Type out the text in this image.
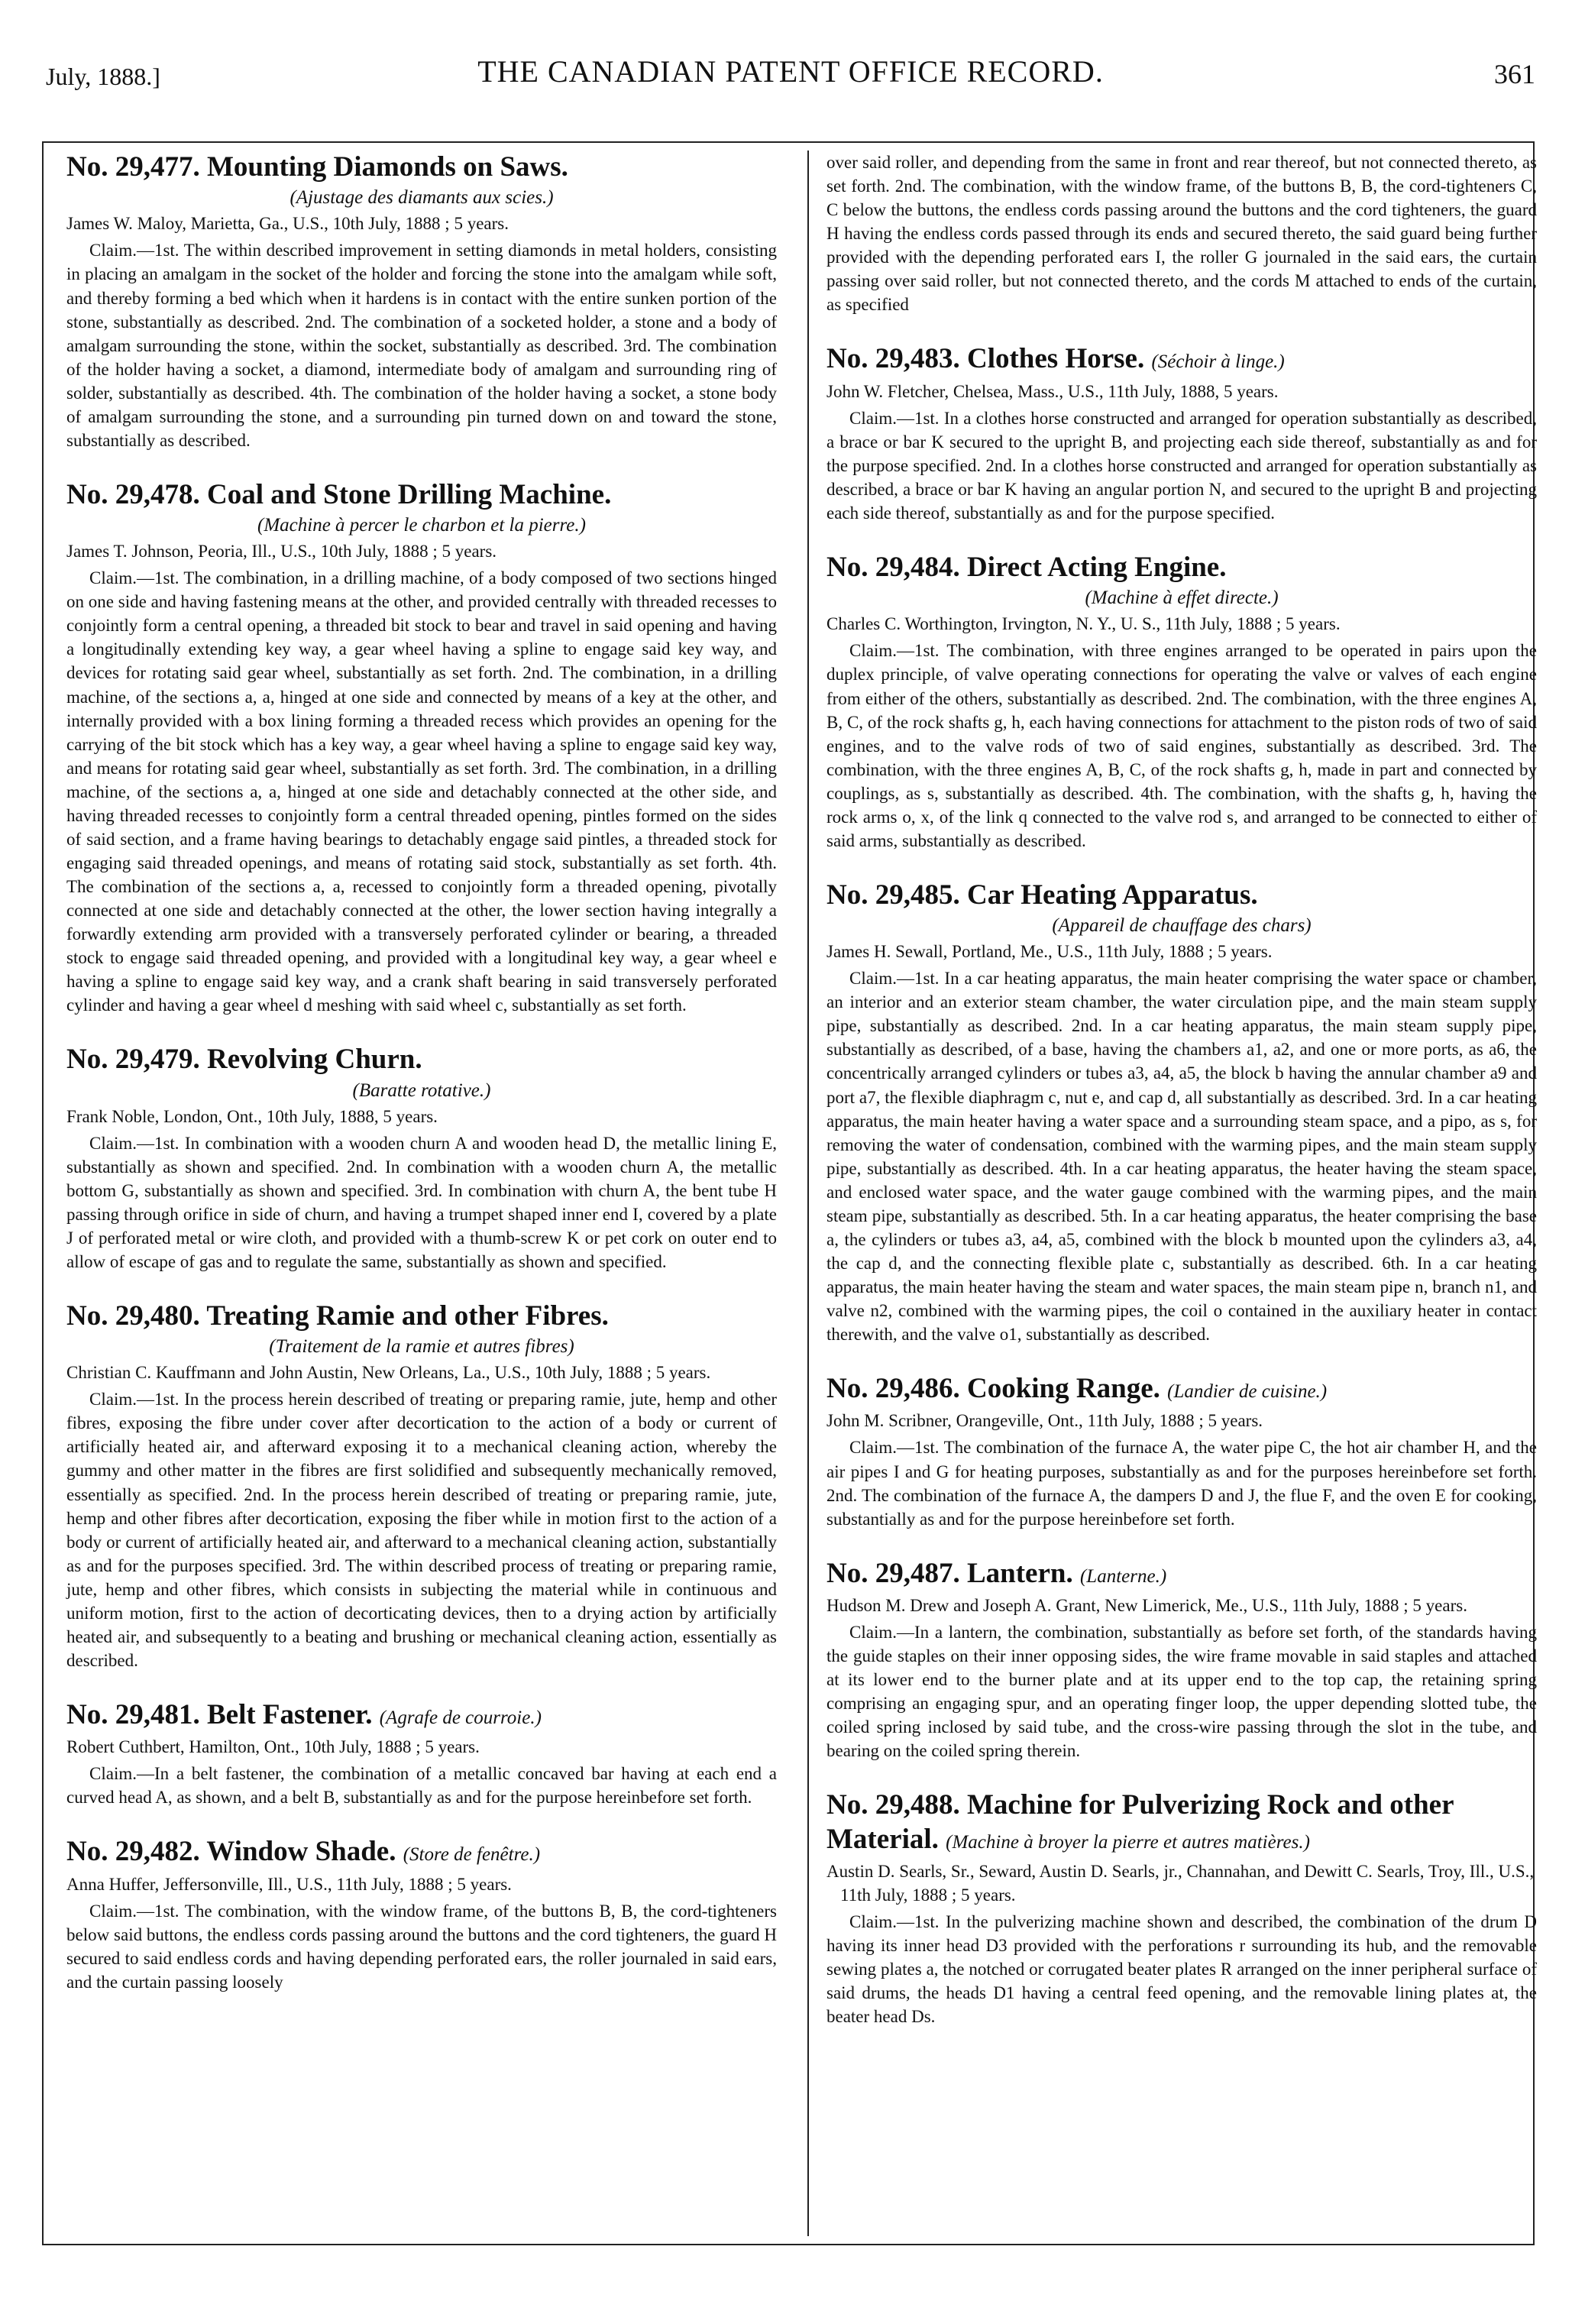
July, 1888.]	THE CANADIAN PATENT OFFICE RECORD.	361
No. 29,477. Mounting Diamonds on Saws.
(Ajustage des diamants aux scies.)
James W. Maloy, Marietta, Ga., U.S., 10th July, 1888 ; 5 years.

Claim.—1st. The within described improvement in setting diamonds in metal holders, consisting in placing an amalgam in the socket of the holder and forcing the stone into the amalgam while soft, and thereby forming a bed which when it hardens is in contact with the entire sunken portion of the stone, substantially as described. 2nd. The combination of a socketed holder, a stone and a body of amalgam surrounding the stone, within the socket, substantially as described. 3rd. The combination of the holder having a socket, a diamond, intermediate body of amalgam and surrounding ring of solder, substantially as described. 4th. The combination of the holder having a socket, a stone body of amalgam surrounding the stone, and a surrounding pin turned down on and toward the stone, substantially as described.

No. 29,478. Coal and Stone Drilling Machine.
(Machine à percer le charbon et la pierre.)
James T. Johnson, Peoria, Ill., U.S., 10th July, 1888 ; 5 years.

Claim.—1st. The combination, in a drilling machine, of a body composed of two sections hinged on one side and having fastening means at the other, and provided centrally with threaded recesses to conjointly form a central opening, a threaded bit stock to bear and travel in said opening and having a longitudinally extending key way, a gear wheel having a spline to engage said key way, and devices for rotating said gear wheel, substantially as set forth. 2nd. The combination, in a drilling machine, of the sections a, a, hinged at one side and connected by means of a key at the other, and internally provided with a box lining forming a threaded recess which provides an opening for the carrying of the bit stock which has a key way, a gear wheel having a spline to engage said key way, and means for rotating said gear wheel, substantially as set forth. 3rd. The combination, in a drilling machine, of the sections a, a, hinged at one side and detachably connected at the other side, and having threaded recesses to conjointly form a central threaded opening, pintles formed on the sides of said section, and a frame having bearings to detachably engage said pintles, a threaded stock for engaging said threaded openings, and means of rotating said stock, substantially as set forth. 4th. The combination of the sections a, a, recessed to conjointly form a threaded opening, pivotally connected at one side and detachably connected at the other, the lower section having integrally a forwardly extending arm provided with a transversely perforated cylinder or bearing, a threaded stock to engage said threaded opening, and provided with a longitudinal key way, a gear wheel e having a spline to engage said key way, and a crank shaft bearing in said transversely perforated cylinder and having a gear wheel d meshing with said wheel c, substantially as set forth.

No. 29,479. Revolving Churn.
(Baratte rotative.)
Frank Noble, London, Ont., 10th July, 1888, 5 years.

Claim.—1st. In combination with a wooden churn A and wooden head D, the metallic lining E, substantially as shown and specified. 2nd. In combination with a wooden churn A, the metallic bottom G, substantially as shown and specified. 3rd. In combination with churn A, the bent tube H passing through orifice in side of churn, and having a trumpet shaped inner end I, covered by a plate J of perforated metal or wire cloth, and provided with a thumb-screw K or pet cork on outer end to allow of escape of gas and to regulate the same, substantially as shown and specified.

No. 29,480. Treating Ramie and other Fibres.
(Traitement de la ramie et autres fibres)
Christian C. Kauffmann and John Austin, New Orleans, La., U.S., 10th July, 1888 ; 5 years.

Claim.—1st. In the process herein described of treating or preparing ramie, jute, hemp and other fibres, exposing the fibre under cover after decortication to the action of a body or current of artificially heated air, and afterward exposing it to a mechanical cleaning action, whereby the gummy and other matter in the fibres are first solidified and subsequently mechanically removed, essentially as specified. 2nd. In the process herein described of treating or preparing ramie, jute, hemp and other fibres after decortication, exposing the fiber while in motion first to the action of a body or current of artificially heated air, and afterward to a mechanical cleaning action, substantially as and for the purposes specified. 3rd. The within described process of treating or preparing ramie, jute, hemp and other fibres, which consists in subjecting the material while in continuous and uniform motion, first to the action of decorticating devices, then to a drying action by artificially heated air, and subsequently to a beating and brushing or mechanical cleaning action, essentially as described.

No. 29,481. Belt Fastener. (Agrafe de courroie.)
Robert Cuthbert, Hamilton, Ont., 10th July, 1888 ; 5 years.

Claim.—In a belt fastener, the combination of a metallic concaved bar having at each end a curved head A, as shown, and a belt B, substantially as and for the purpose hereinbefore set forth.

No. 29,482. Window Shade. (Store de fenêtre.)
Anna Huffer, Jeffersonville, Ill., U.S., 11th July, 1888 ; 5 years.

Claim.—1st. The combination, with the window frame, of the buttons B, B, the cord-tighteners below said buttons, the endless cords passing around the buttons and the cord tighteners, the guard H secured to said endless cords and having depending perforated ears, the roller journaled in said ears, and the curtain passing loosely

over said roller, and depending from the same in front and rear thereof, but not connected thereto, as set forth. 2nd. The combination, with the window frame, of the buttons B, B, the cord-tighteners C, C below the buttons, the endless cords passing around the buttons and the cord tighteners, the guard H having the endless cords passed through its ends and secured thereto, the said guard being further provided with the depending perforated ears I, the roller G journaled in the said ears, the curtain passing over said roller, but not connected thereto, and the cords M attached to ends of the curtain, as specified

No. 29,483. Clothes Horse. (Séchoir à linge.)
John W. Fletcher, Chelsea, Mass., U.S., 11th July, 1888, 5 years.

Claim.—1st. In a clothes horse constructed and arranged for operation substantially as described, a brace or bar K secured to the upright B, and projecting each side thereof, substantially as and for the purpose specified. 2nd. In a clothes horse constructed and arranged for operation substantially as described, a brace or bar K having an angular portion N, and secured to the upright B and projecting each side thereof, substantially as and for the purpose specified.

No. 29,484. Direct Acting Engine.
(Machine à effet directe.)
Charles C. Worthington, Irvington, N. Y., U. S., 11th July, 1888 ; 5 years.

Claim.—1st. The combination, with three engines arranged to be operated in pairs upon the duplex principle, of valve operating connections for operating the valve or valves of each engine from either of the others, substantially as described. 2nd. The combination, with the three engines A, B, C, of the rock shafts g, h, each having connections for attachment to the piston rods of two of said engines, and to the valve rods of two of said engines, substantially as described. 3rd. The combination, with the three engines A, B, C, of the rock shafts g, h, made in part and connected by couplings, as s, substantially as described. 4th. The combination, with the shafts g, h, having the rock arms o, x, of the link q connected to the valve rod s, and arranged to be connected to either of said arms, substantially as described.

No. 29,485. Car Heating Apparatus.
(Appareil de chauffage des chars)
James H. Sewall, Portland, Me., U.S., 11th July, 1888 ; 5 years.

Claim.—1st. In a car heating apparatus, the main heater comprising the water space or chamber, an interior and an exterior steam chamber, the water circulation pipe, and the main steam supply pipe, substantially as described. 2nd. In a car heating apparatus, the main steam supply pipe, substantially as described, of a base, having the chambers a1, a2, and one or more ports, as a6, the concentrically arranged cylinders or tubes a3, a4, a5, the block b having the annular chamber a9 and port a7, the flexible diaphragm c, nut e, and cap d, all substantially as described. 3rd. In a car heating apparatus, the main heater having a water space and a surrounding steam space, and a pipo, as s, for removing the water of condensation, combined with the warming pipes, and the main steam supply pipe, substantially as described. 4th. In a car heating apparatus, the heater having the steam space, and enclosed water space, and the water gauge combined with the warming pipes, and the main steam pipe, substantially as described. 5th. In a car heating apparatus, the heater comprising the base a, the cylinders or tubes a3, a4, a5, combined with the block b mounted upon the cylinders a3, a4, the cap d, and the connecting flexible plate c, substantially as described. 6th. In a car heating apparatus, the main heater having the steam and water spaces, the main steam pipe n, branch n1, and valve n2, combined with the warming pipes, the coil o contained in the auxiliary heater in contact therewith, and the valve o1, substantially as described.

No. 29,486. Cooking Range. (Landier de cuisine.)
John M. Scribner, Orangeville, Ont., 11th July, 1888 ; 5 years.

Claim.—1st. The combination of the furnace A, the water pipe C, the hot air chamber H, and the air pipes I and G for heating purposes, substantially as and for the purposes hereinbefore set forth. 2nd. The combination of the furnace A, the dampers D and J, the flue F, and the oven E for cooking, substantially as and for the purpose hereinbefore set forth.

No. 29,487. Lantern. (Lanterne.)
Hudson M. Drew and Joseph A. Grant, New Limerick, Me., U.S., 11th July, 1888 ; 5 years.

Claim.—In a lantern, the combination, substantially as before set forth, of the standards having the guide staples on their inner opposing sides, the wire frame movable in said staples and attached at its lower end to the burner plate and at its upper end to the top cap, the retaining spring comprising an engaging spur, and an operating finger loop, the upper depending slotted tube, the coiled spring inclosed by said tube, and the cross-wire passing through the slot in the tube, and bearing on the coiled spring therein.

No. 29,488. Machine for Pulverizing Rock and other Material. (Machine à broyer la pierre et autres matières.)
Austin D. Searls, Sr., Seward, Austin D. Searls, jr., Channahan, and Dewitt C. Searls, Troy, Ill., U.S., 11th July, 1888 ; 5 years.

Claim.—1st. In the pulverizing machine shown and described, the combination of the drum D having its inner head D3 provided with the perforations r surrounding its hub, and the removable sewing plates a, the notched or corrugated beater plates R arranged on the inner peripheral surface of said drums, the heads D1 having a central feed opening, and the removable lining plates at, the beater head Ds.
